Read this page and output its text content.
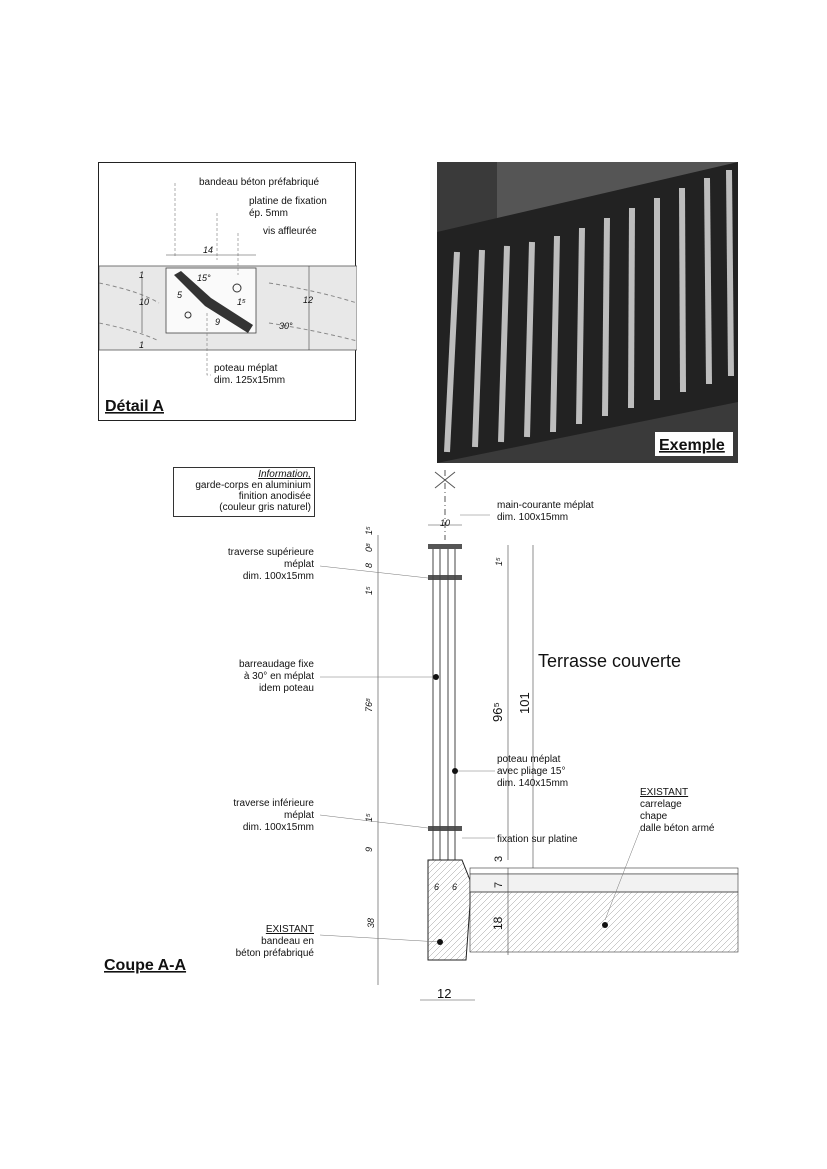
bandeau béton préfabriqué
platine de fixation
ép. 5mm
vis affleurée
poteau méplat
dim. 125x15mm
14
10	12
1
1
15°
30°
5
9
1⁵
Détail A
Exemple
Information,
garde-corps en aluminium
finition anodisée
(couleur gris naturel)	main-courante méplat
dim. 100x15mm
poteau méplat
avec pliage 15°
dim. 140x15mm
fixation sur platine
EXISTANT
carrelage
chape
dalle béton armé
traverse supérieure
méplat
dim. 100x15mm
barreaudage fixe
à 30° en méplat
idem poteau
traverse inférieure
méplat
dim. 100x15mm
EXISTANT
bandeau en
béton préfabriqué
10
1⁵
0⁸
8
1⁵
76⁸
1⁵
9
38
1⁵
96⁵ 101
3
7
18
6 6
12
Terrasse couverte
Coupe A-A
